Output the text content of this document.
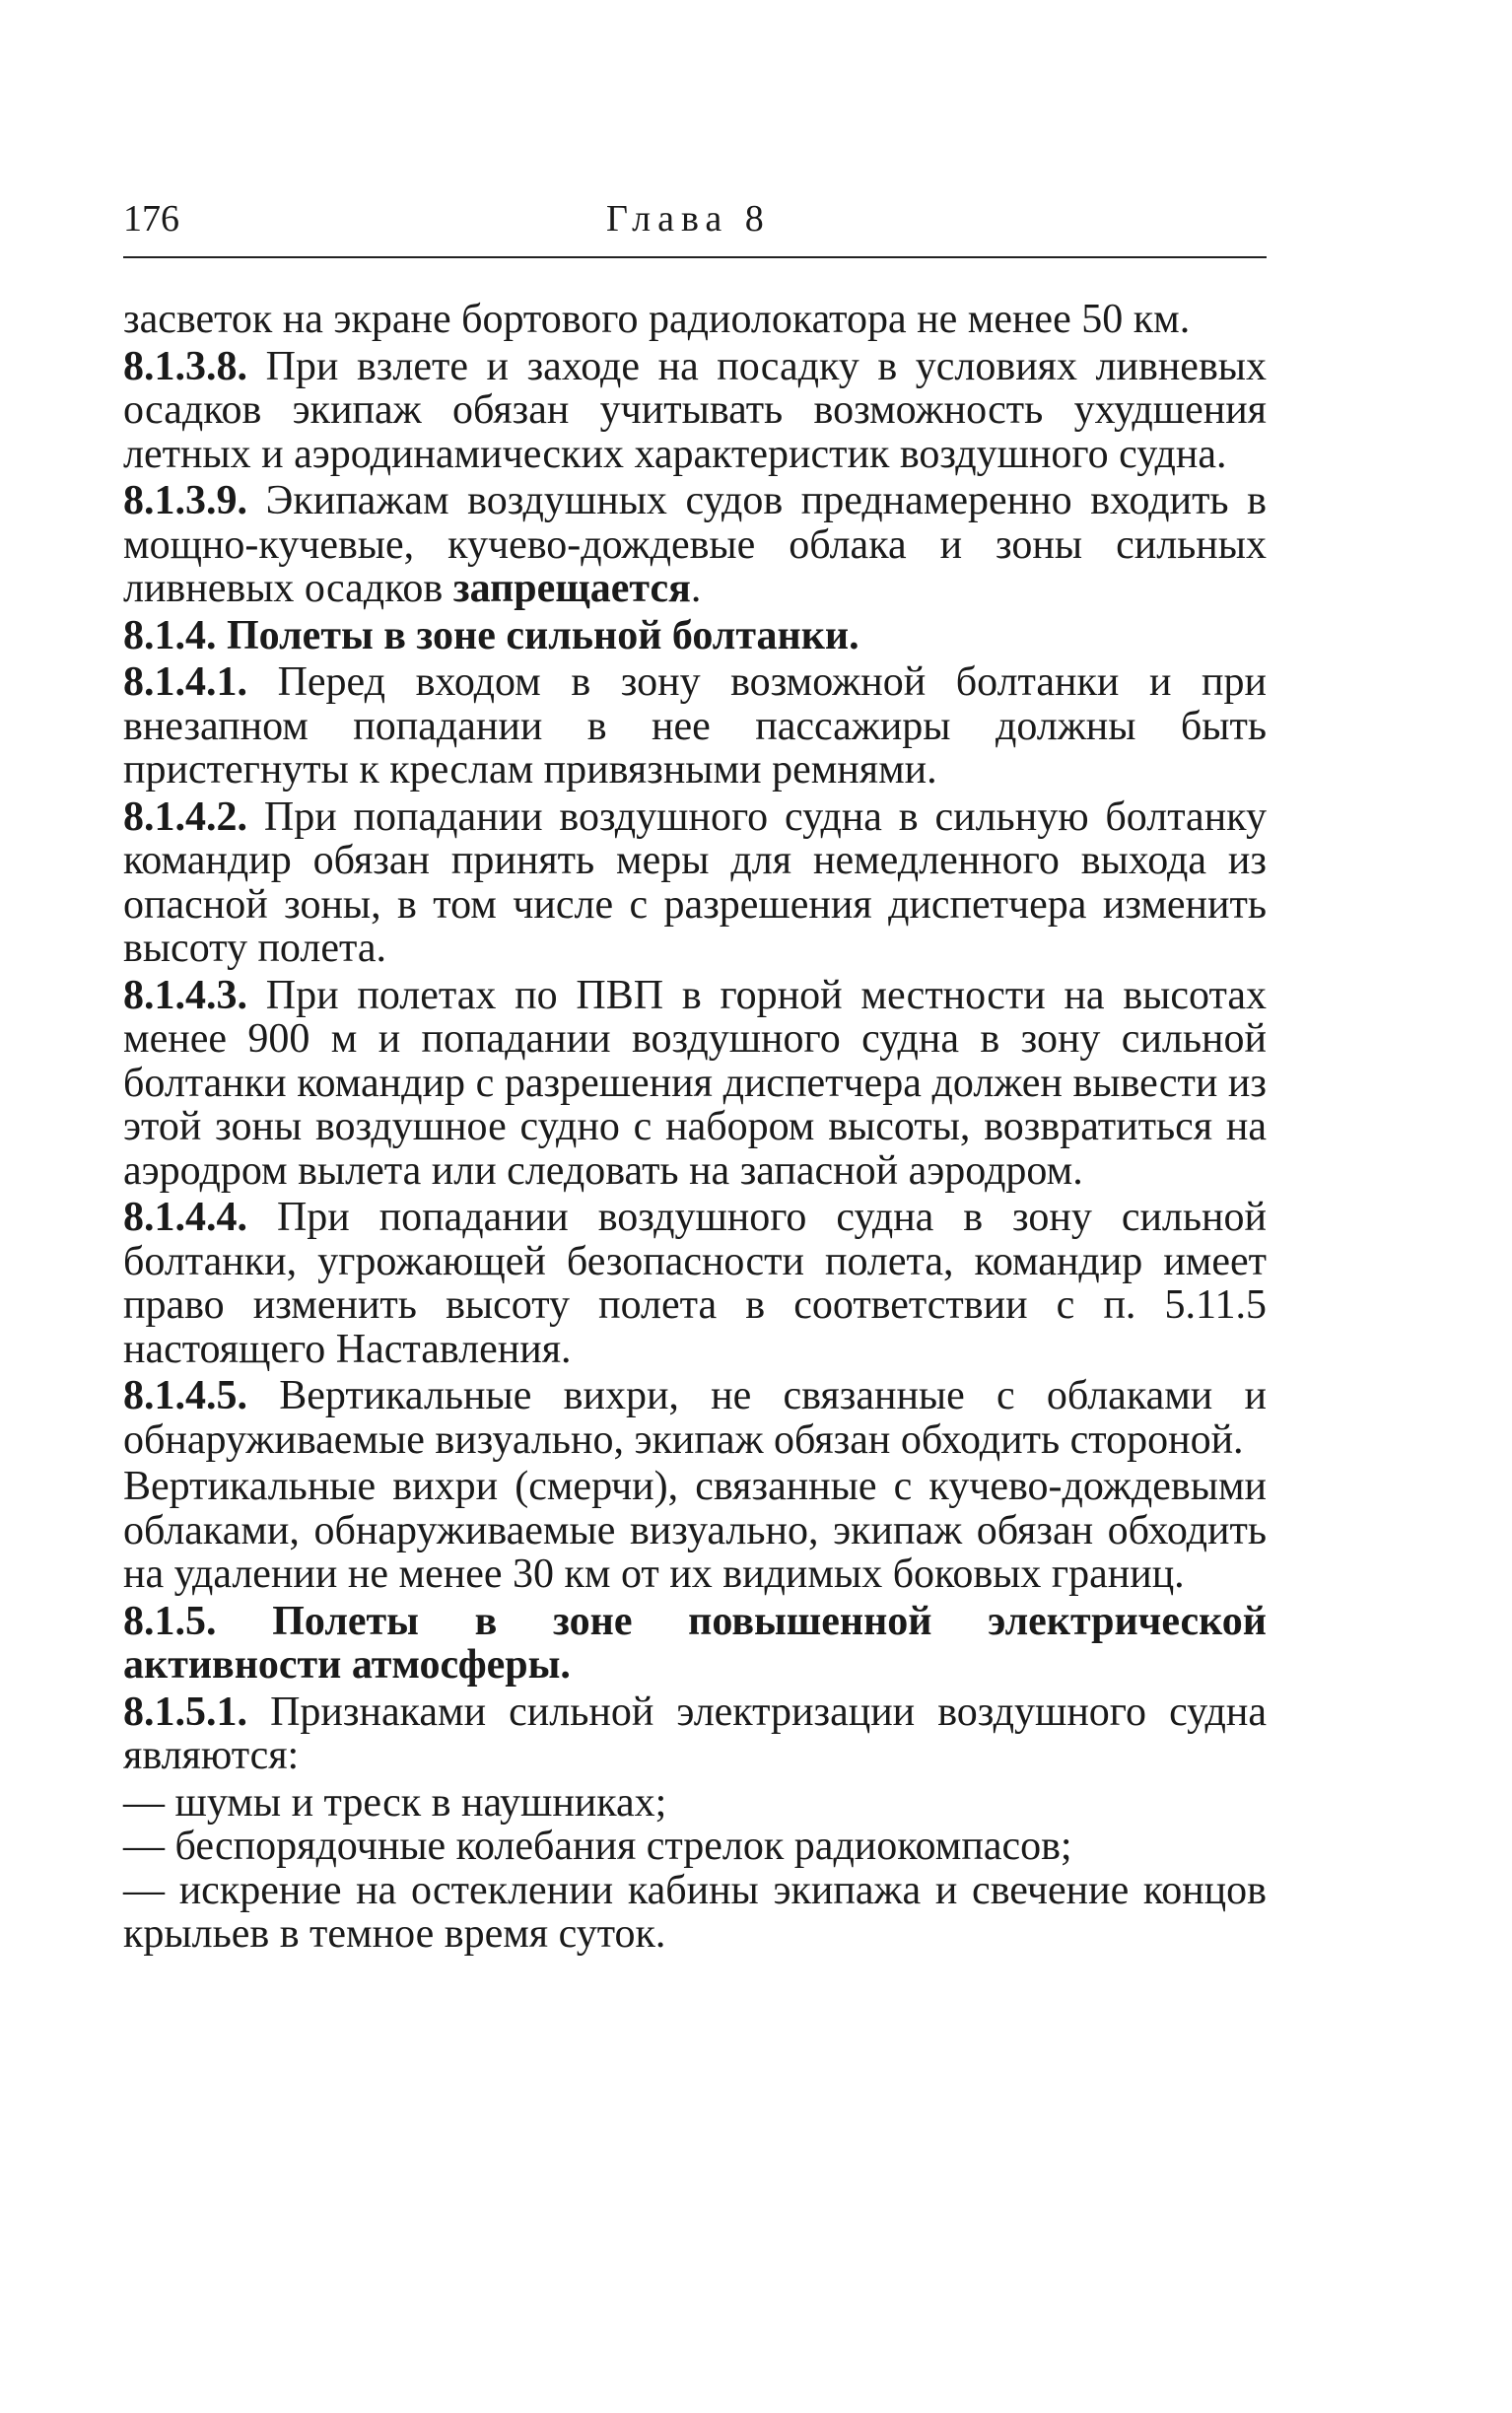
176	Глава 8

засветок на экране бортового радиолокатора не менее 50 км.

8.1.3.8. При взлете и заходе на посадку в условиях ливневых осадков экипаж обязан учитывать возможность ухудшения летных и аэродинамических характеристик воздушного судна.

8.1.3.9. Экипажам воздушных судов преднамеренно входить в мощно-кучевые, кучево-дождевые облака и зоны сильных ливневых осадков запрещается.

8.1.4. Полеты в зоне сильной болтанки.

8.1.4.1. Перед входом в зону возможной болтанки и при внезапном попадании в нее пассажиры должны быть пристегнуты к креслам привязными ремнями.

8.1.4.2. При попадании воздушного судна в сильную болтанку командир обязан принять меры для немедленного выхода из опасной зоны, в том числе с разрешения диспетчера изменить высоту полета.

8.1.4.3. При полетах по ПВП в горной местности на высотах менее 900 м и попадании воздушного судна в зону сильной болтанки командир с разрешения диспетчера должен вывести из этой зоны воздушное судно с набором высоты, возвратиться на аэродром вылета или следовать на запасной аэродром.

8.1.4.4. При попадании воздушного судна в зону сильной болтанки, угрожающей безопасности полета, командир имеет право изменить высоту полета в соответствии с п. 5.11.5 настоящего Наставления.

8.1.4.5. Вертикальные вихри, не связанные с облаками и обнаруживаемые визуально, экипаж обязан обходить стороной.

Вертикальные вихри (смерчи), связанные с кучево-дождевыми облаками, обнаруживаемые визуально, экипаж обязан обходить на удалении не менее 30 км от их видимых боковых границ.

8.1.5. Полеты в зоне повышенной электрической активности атмосферы.

8.1.5.1. Признаками сильной электризации воздушного судна являются:

— шумы и треск в наушниках;

— беспорядочные колебания стрелок радиокомпасов;

— искрение на остеклении кабины экипажа и свечение концов крыльев в темное время суток.
